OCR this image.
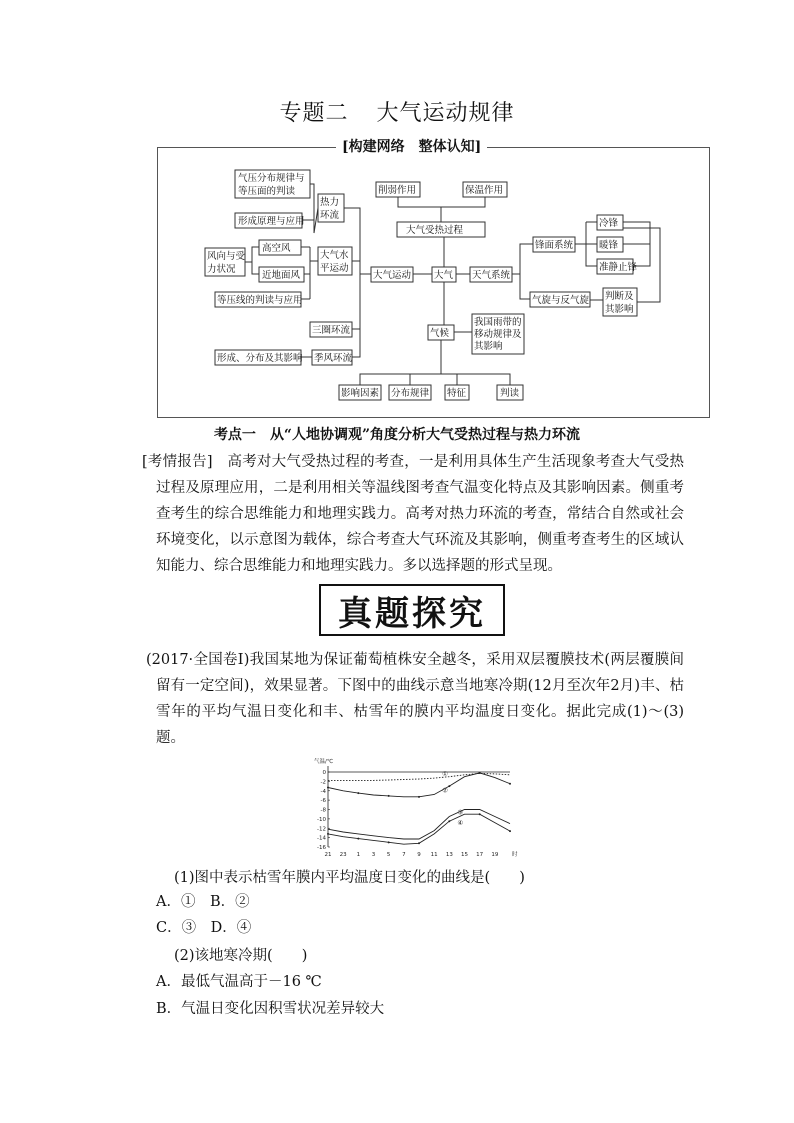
专题二 大气运动规律
[构建网络 整体认知]
气压分布规律与
等压面的判读
热力
环流
形成原理与应用
风向与受
力状况
高空风
近地面风
大气水
平运动
等压线的判读与应用
三圈环流
形成、分布及其影响 季风环流
削弱作用	保温作用
大气受热过程
大气运动 大气 天气系统
锋面系统
冷锋
暖锋
准静止锋
气旋与反气旋 判断及
其影响
气候
我国雨带的
移动规律及
其影响
影响因素 分布规律 特征	判读
考点一 从“人地协调观”角度分析大气受热过程与热力环流
[考情报告]　高考对大气受热过程的考查，一是利用具体生产生活现象考查大气受热过程及原理应用，二是利用相关等温线图考查气温变化特点及其影响因素。侧重考查考生的综合思维能力和地理实践力。高考对热力环流的考查，常结合自然或社会环境变化，以示意图为载体，综合考查大气环流及其影响，侧重考查考生的区域认知能力、综合思维能力和地理实践力。多以选择题的形式呈现。
真题探究
(2017·全国卷Ⅰ)我国某地为保证葡萄植株安全越冬，采用双层覆膜技术(两层覆膜间留有一定空间)，效果显著。下图中的曲线示意当地寒冷期(12月至次年2月)丰、枯雪年的平均气温日变化和丰、枯雪年的膜内平均温度日变化。据此完成(1)～(3)题。
气温/℃
0
-2
-4
-6
-8
-10
-12
-14
-16
21 23 1 3 5 7 9 11 13 15 17 19 时
①
②
③
④
(1)图中表示枯雪年膜内平均温度日变化的曲线是(　　)
A．①　B．②
C．③　D．④
(2)该地寒冷期(　　)
A．最低气温高于－16 ℃
B．气温日变化因积雪状况差异较大
